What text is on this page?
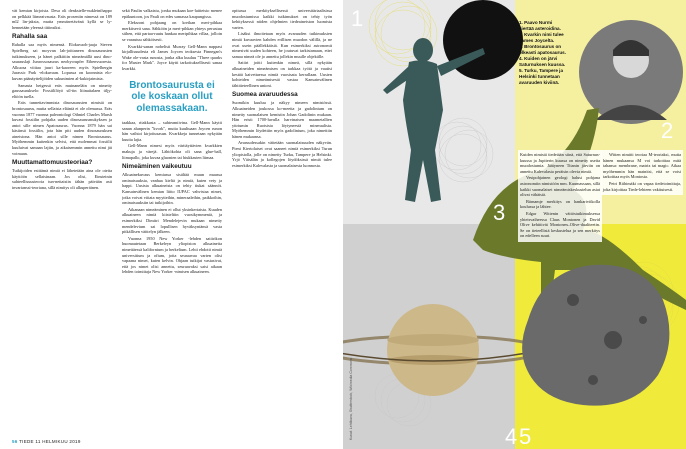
vät kemian kirjoista. Desa oli denkstelle-nukleinihappo on pelkkää liimeaivausta. Eräs proseniin nimessä on 189 ml2 lin-jaksia, mutta ymmärretävänä kyllä se ly-hennetään yleensä titiinsiksi.

Rahalla saa

Rahalla saa myös nimensä. Elokuvaoh-jaaja Steven Spielberg sai moyvan lah-joittaneen dinosaurusten tutkimukseen, ja hänet palkittiin nimeämällä uusi dino-saurauslaji Junrossosaurus neobycrupfer Eibenvuoresta. Alkuosa viittaa juuri ka-kaoreen myös Spielbergin Jurassic Park -elokuvaan. Lopussa on koonnista elo-kuvan päänäyttelijöiden sukunimien al-kukirjaimista.

Samasta heigessä eräs muinaneläin on nimetty gaussaurukselo: Fossiililöyö sil-tin liiinaitalaen tiljy- eltöön tuella.

Eräs tunnettavimmista dinosaurusten nimistä on brontosaurus, mutta sellaista eläintä ei ole olemassa. Eräs vuonna 1877 vuonna paleontologi Othniel Charles Marsh kuvasi fossiilin pohjalta uuden dinosaurusmukyksen ja antoi sille nimen Apatosaurus. Vuonna 1879 hän sai käsiinsä fossiilin, jota hän piti uuden dinosauruksen aineistona. Hän antoi sille nimen Brontosaurus. Myöhemmin kuitenkin selvisi, että molemmat fossiilit kuuluivat samaan lajiin, ja aikaisemmin annettu nimi jäi voimaan.

Muuttamattomuusteoriaa?

Tutkijoiden esittämä nimiä ei lähetetään aina ole oteita käyttöön sellaisinaan. Jos olisi, Einsteinin suhteellisuusteoria tun-nettaisiin tähän päivään asti invarianssi-teoriana, sillä nimitys oli alkuperäinen.

sekä Paulin valkaistu, jonka mukaan koe-laitteisto menee epäkuntoon, jos Pauli on edes samassa kaupungissa.

Eleksroni pohjaang on kreikan meri-pihkaa merkitsevä sana. Sähköön ja meri-pihkan yhteys perustuu siihen, että partaa-ruutu hankaa meripihkaa villaa, jolloin se varautuu sähköisesti.

Kvarkki-sanan nobelisti Murray Gell-Mann nappasi kirjallisuudesta eli James Joycen teoksesta Finnegan's Wake ole-vasta runosta, jonka alku kuuluu "Three quarks for Muster Mark". Joyce käytti tarkoituksellisesti sanaa kvarkki.

Brontosaurusta ei ole koskaan ollut olemassakaan.

taakkaa, ritakkasta – suhteamiivina. Gell-Mann käytti sanan alunperin "kvork", mutta kuultuaan Joycen runon hän vaihtoi kirjoitusasun. Kvarkkeja tunnetaan nykyään kuutta lajia.

Gell-Mann nimesi myös väritäyttävien kvarkkien makuja ja värejä. Lähtökohta oli sana glue-ball, liimapallo, joka kuvaa gluonien tai hiukkasten liimaa.

Nimeäminen vaikeutuu

Alkuainekuvaus kemiassa sisältää muun muassa ominaisuuksia, vanhaa kieltä ja nimiä, kuten vety ja happi. Uusista alkuaineista on tehty tiukat säännöt. Kansainvälinen kemian liitto IUPAC vahvistaa nimet, jotka voivat viitata myytteihin, mineraaleihin, paikkoihin, ominaisuuksiin tai tutkijoihin.

Aikanaan nimeäminen ei ollut yksinkertaista. Kuuden alkuaineen nimiä kiisteltiin vuosikymmeniä, ja esimerkiksi Dimitri Mendelejevin mukaan nimetty mendelevium sai lopullisen hyväksyntänsä vasta pitkällisen väittelyn jälkeen.

Vuonna 1950 New Yorker -lehden satiirikon huomautetaan Berkeleyn yliopiston alkuaineita nimettäessä kalifornium ja berkelium. Lehti ehdotti nimiä universitium ja ofium, jotta seuraavaa varten olisi vapaana nimet, kuten kelvin. Ohjaan tutkijat vastasivat, että jos nimet olisi annettu, seuraavaksi saisi aikaan lehden toimittaja New Yorker -nimisen alkuaineen.

opitussa merkityksellisessä universitäriaalisissa muodostumissa kaikki tutkimukset on tehty työn kehityksessä niiden ohjelmien tiedeaineiston luomista varten.

Lisäksi ilmoitetaan myös avaruuden tutkimuksien nimiä kuvaavien kahden erillisen muodon välillä, ja ne ovat usein päällekkäisiä. Kun esimerkiksi astronomit nimesivät uuden kohteen, he joutuvat tarkistamaan, ettei samaa nimeä ole jo annettu jollekin muulle objektille.

Satiiri joitti kuitenkin nimeä, sillä nykyään alkuaineiden nimeämisen on tarkkaa työtä ja vaatisi kestää kaivettaessa nimiä vuosisata kerrallaan. Uusien kohteiden nimeämisestä vastaa Kansainvälinen tähtitieteellinen unioni.

Suomea avaruudessa

Suomikin kuuluu ja näkyy nimeen nimistössä. Alkuaineiden joukossa ko-meetta ja gadolinium on nimetty suomalaisen kemistin Johan Gadolinin mukaan. Hän eristi 1700-luvulla harvinaisen maametallien yttriumin Ruotsista löytyneestä mineraalista. Myöhemmin löydettiin myös gadolinium, joka nimettiin hänen mukaansa.

Avaruudessakin väitetään suomalaisuuden näkyvän. Pieni Kiertolaiset ovat saaneet nimiä esimerkiksi Turun yliopistolla, jolle on nimetty Turku, Tampere ja Helsinki. Yrjö Väisälän ja kollegojen löydöksissä nimiä tulee esimerkiksi Kalevalasta ja suomalaisesta luonnosta.

56 TIEDE 11 HELMIKUU 2019
1
2
3
4 5
1. Paavo Nurmi
kiertää asteroidina.
2. Kvarkin nimi tulee
James Joycelta.
3. Brontosaurus on
olkeasti apatosaurus.
4. Kuiden on järvi
Saturnuksen kuussa.
5. Turku, Tampere ja
Helsinki tunnetaan
avaruuden kiviinä.

Kuiden nimistä tiedetään siinä, että Saturnus-kuussa ja Jupiterin kuussa on nimetty useita muodostumia. Jäätyneen Titanin järviin on annettu Kalevalasta peräisin olevia nimiä.

Vesipohjainen geologi halusi pohjana astronomiin nimistöön mm. Kuumassaan, sillä kaikki suomalaiset nimeämiskeskustelun asiat olivat vähäisiä.

Bärnamje merkitys on hankariviikolla koulussa ja lähtee.

Edgar Wittenin väitöstutkimuksessa yhteisvaiheessa Claus Montonen ja David Olive kehittivät Montonen–Olive-dualiteetin. Se on tieteellistä keskustelua ja sen merkitys on edelleen suuri.

Witten nimitti teoriaa M-teoriaksi, mutta hänen mukaansa M voi tarkoittaa mitä tahansa: membrane, matrix tai magic. Aikaa myöhemmin hän mainitsi, että se voisi tarkoittaa myös Montosta.

Petri Riihimäki on vapaa tiedetoimittaja, joka kirjoittaa Tiede-lehteen vakituisesti.

Kuvat: Lehtikuva, Shutterstock, Wikimedia Commons
